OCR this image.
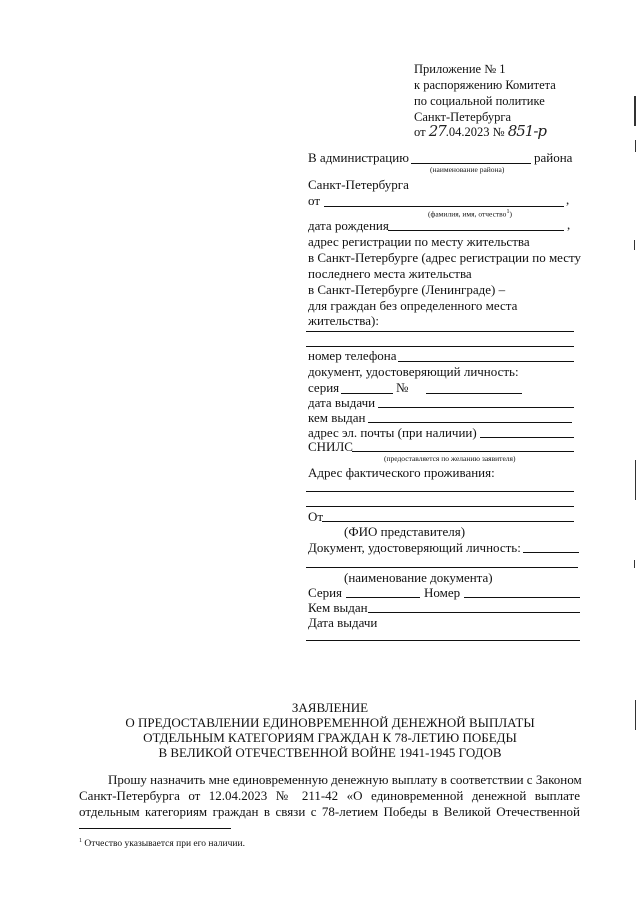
Приложение № 1
к распоряжению Комитета
по социальной политике
Санкт-Петербурга
от 27.04.2023 № 851-р
В администрацию	района
(наименование района)
Санкт-Петербурга
от	,
(фамилия, имя, отчество$^1$)
дата рождения	,
адрес регистрации по месту жительства
в Санкт-Петербурге (адрес регистрации по месту
последнего места жительства
в Санкт-Петербурге (Ленинграде) –
для граждан без определенного места
жительства):
номер телефона
документ, удостоверяющий личность:
серия	№
дата выдачи
кем выдан
адрес эл. почты (при наличии)
СНИЛС
(предоставляется по желанию заявителя)
Адрес фактического проживания:
От
(ФИО представителя)
Документ, удостоверяющий личность:
(наименование документа)
Серия	Номер
Кем выдан
Дата выдачи
ЗАЯВЛЕНИЕ
О ПРЕДОСТАВЛЕНИИ ЕДИНОВРЕМЕННОЙ ДЕНЕЖНОЙ ВЫПЛАТЫ
ОТДЕЛЬНЫМ КАТЕГОРИЯМ ГРАЖДАН К 78-ЛЕТИЮ ПОБЕДЫ
В ВЕЛИКОЙ ОТЕЧЕСТВЕННОЙ ВОЙНЕ 1941-1945 ГОДОВ
Прошу назначить мне единовременную денежную выплату в соответствии с Законом
Санкт-Петербурга от 12.04.2023 № 211-42 «О единовременной денежной выплате
отдельным категориям граждан в связи с 78-летием Победы в Великой Отечественной
$^1$ Отчество указывается при его наличии.
